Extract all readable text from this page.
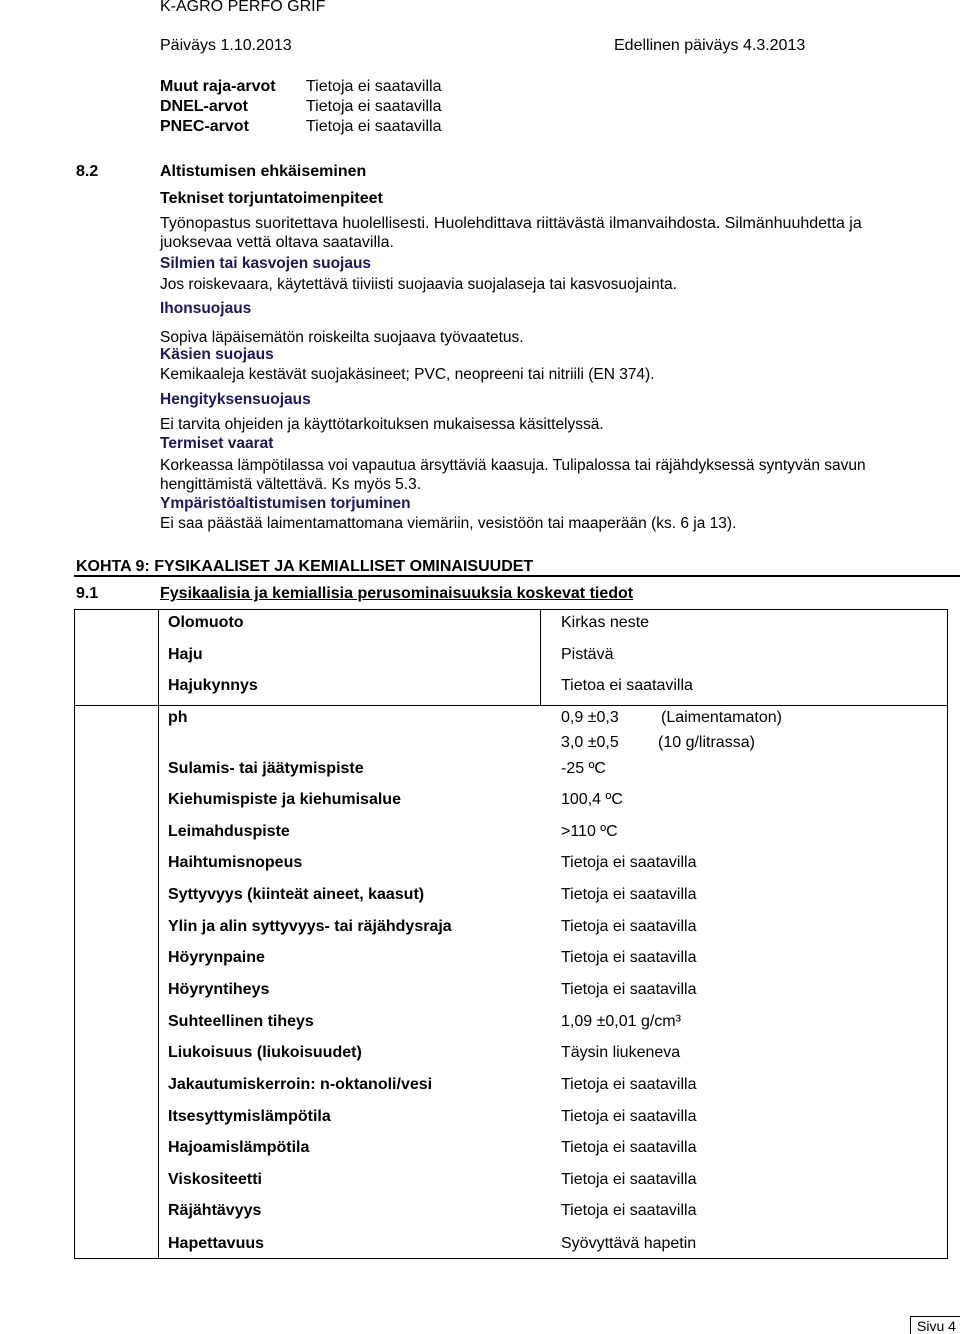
K-AGRO PERFO GRIF
Päiväys 1.10.2013	Edellinen päiväys 4.3.2013
Muut raja-arvot Tietoja ei saatavilla
DNEL-arvot	Tietoja ei saatavilla
PNEC-arvot	Tietoja ei saatavilla
8.2	Altistumisen ehkäiseminen
Tekniset torjuntatoimenpiteet
Työnopastus suoritettava huolellisesti. Huolehdittava riittävästä ilmanvaihdosta. Silmänhuuhdetta ja juoksevaa vettä oltava saatavilla.
Silmien tai kasvojen suojaus
Jos roiskevaara, käytettävä tiiviisti suojaavia suojalaseja tai kasvosuojainta.
Ihonsuojaus
Sopiva läpäisemätön roiskeilta suojaava työvaatetus.
Käsien suojaus
Kemikaaleja kestävät suojakäsineet; PVC, neopreeni tai nitriili (EN 374).
Hengityksensuojaus
Ei tarvita ohjeiden ja käyttötarkoituksen mukaisessa käsittelyssä.
Termiset vaarat
Korkeassa lämpötilassa voi vapautua ärsyttäviä kaasuja. Tulipalossa tai räjähdyksessä syntyvän savun hengittämistä vältettävä. Ks myös 5.3.
Ympäristöaltistumisen torjuminen
Ei saa päästää laimentamattomana viemäriin, vesistöön tai maaperään (ks. 6 ja 13).
KOHTA 9: FYSIKAALISET JA KEMIALLISET OMINAISUUDET
9.1	Fysikaalisia ja kemiallisia perusominaisuuksia koskevat tiedot
Olomuoto	Kirkas neste
Haju	Pistävä
Hajukynnys	Tietoa ei saatavilla
ph	0,9 ±0,3	(Laimentamaton)
3,0 ±0,5 (10 g/litrassa)
Sulamis- tai jäätymispiste	-25 ºC
Kiehumispiste ja kiehumisalue	100,4 ºC
Leimahduspiste	>110 ºC
Haihtumisnopeus	Tietoja ei saatavilla
Syttyvyys (kiinteät aineet, kaasut)	Tietoja ei saatavilla
Ylin ja alin syttyvyys- tai räjähdysraja	Tietoja ei saatavilla
Höyrynpaine	Tietoja ei saatavilla
Höyryntiheys	Tietoja ei saatavilla
Suhteellinen tiheys	1,09 ±0,01 g/cm³
Liukoisuus (liukoisuudet)	Täysin liukeneva
Jakautumiskerroin: n-oktanoli/vesi	Tietoja ei saatavilla
Itsesyttymislämpötila	Tietoja ei saatavilla
Hajoamislämpötila	Tietoja ei saatavilla
Viskositeetti	Tietoja ei saatavilla
Räjähtävyys	Tietoja ei saatavilla
Hapettavuus	Syövyttävä hapetin
Sivu 4
